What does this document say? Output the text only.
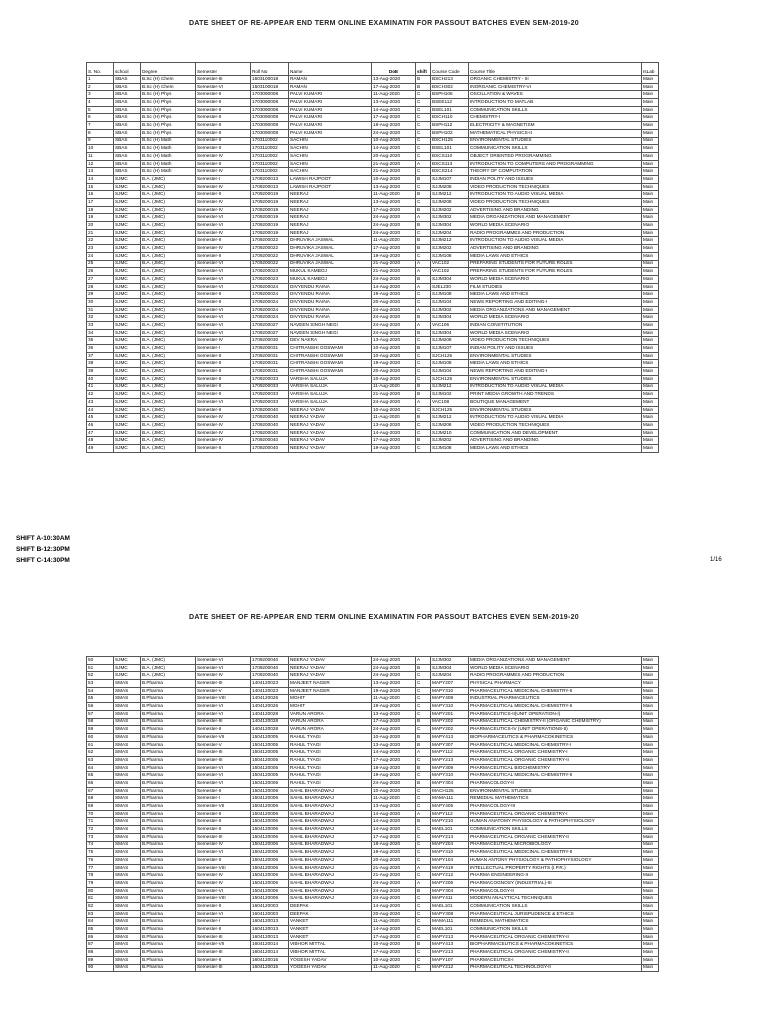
DATE SHEET OF RE-APPEAR END TERM ONLINE EXAMINATIN FOR PASSOUT BATCHES EVEN SEM-2019-20
S. No.	school	Degree	Semester	Roll No	Name	DoE	shift	Course Code	Course Title	IsLab
1	SBAS	B.Sc (H) Chem	Semester-III	1503100018	RAMAN	13-Aug-2020	B	BSCH213	ORGANIC CHEMISTRY - III	Main
2	SBAS	B.Sc (H) Chem	Semester-VI	1503100018	RAMAN	17-Aug-2020	B	BSCH302	INORGANIC CHEMISTRY-VI	Main
3	SBAS	B.Sc (H) Phys	Semester-II	1703090008	PALVI KUMARI	11-Aug-2020	C	BSPH106	OSCILLATION & WAVES	Main
4	SBAS	B.Sc (H) Phys	Semester-II	1703090008	PALVI KUMARI	13-Aug-2020	C	BSEE112	INTRODUCTION TO MATLAB	Main
5	SBAS	B.Sc (H) Phys	Semester-II	1703090008	PALVI KUMARI	14-Aug-2020	C	BSEL101	COMMUNICATION SKILLS	Main
6	SBAS	B.Sc (H) Phys	Semester-II	1703090008	PALVI KUMARI	17-Aug-2020	C	BSCH110	CHEMISTRY-I	Main
7	SBAS	B.Sc (H) Phys	Semester-II	1703090008	PALVI KUMARI	18-Aug-2020	C	BSPH112	ELECTRICITY & MAGNETISM	Main
8	SBAS	B.Sc (H) Phys	Semester-II	1703090008	PALVI KUMARI	24-Aug-2020	C	BSPH102	MATHEMATICAL PHYSICS-II	Main
9	SBAS	B.Sc (H) Math	Semester-II	1703110002	SACHIN	10-Aug-2020	C	BSCH125	ENVIRONMENTAL STUDIES	Main
10	SBAS	B.Sc (H) Math	Semester-II	1703110002	SACHIN	14-Aug-2020	C	BSEL101	COMMUNICATION SKILLS	Main
11	SBAS	B.Sc (H) Math	Semester-IV	1703110002	SACHIN	20-Aug-2020	C	BSCS110	OBJECT ORIENTED PROGRAMMING	Main
12	SBAS	B.Sc (H) Math	Semester-II	1703110002	SACHIN	21-Aug-2020	A	BSCS113	INTRODUCTION TO COMPUTERS AND PROGRAMMING	Main
13	SBAS	B.Sc (H) Math	Semester-IV	1703110002	SACHIN	21-Aug-2020	C	BSCS214	THEORY OF COMPUTATION	Main
14	SJMC	B.A. (JMC)	Semester-I	1709200013	LAWISH RAJPOOT	10-Aug-2020	B	SJJM107	INDIAN POLITY AND ISSUES	Main
15	SJMC	B.A. (JMC)	Semester-IV	1709200013	LAWISH RAJPOOT	13-Aug-2020	C	SJJM208	VIDEO PRODUCTION TECHNIQUES	Main
16	SJMC	B.A. (JMC)	Semester-II	1709200019	NEERAJ	11-Aug-2020	B	SJJM212	INTRODUCTION TO AUDIO VISUAL MEDIA	Main
17	SJMC	B.A. (JMC)	Semester-IV	1709200019	NEERAJ	13-Aug-2020	C	SJJM208	VIDEO PRODUCTION TECHNIQUES	Main
18	SJMC	B.A. (JMC)	Semester-IV	1709200019	NEERAJ	17-Aug-2020	B	SJJM202	ADVERTISING AND BRANDING	Main
19	SJMC	B.A. (JMC)	Semester-VI	1709200019	NEERAJ	24-Aug-2020	A	SJJM302	MEDIA ORGANIZATIONS AND MANAGEMENT	Main
20	SJMC	B.A. (JMC)	Semester-VI	1709200019	NEERAJ	24-Aug-2020	B	SJJM304	WORLD MEDIA SCENARIO	Main
21	SJMC	B.A. (JMC)	Semester-IV	1709200019	NEERAJ	24-Aug-2020	C	SJJM204	RADIO PROGRAMMES AND PRODUCTION	Main
22	SJMC	B.A. (JMC)	Semester-II	1709200022	DHRUVIKA JASWAL	11-Aug-2020	B	SJJM212	INTRODUCTION TO AUDIO VISUAL MEDIA	Main
23	SJMC	B.A. (JMC)	Semester-IV	1709200022	DHRUVIKA JASWAL	17-Aug-2020	B	SJJM202	ADVERTISING AND BRANDING	Main
24	SJMC	B.A. (JMC)	Semester-II	1709200022	DHRUVIKA JASWAL	19-Aug-2020	C	SJJM108	MEDIA LAWS AND ETHICS	Main
25	SJMC	B.A. (JMC)	Semester-VI	1709200022	DHRUVIKA JASWAL	21-Aug-2020	A	VAC102	PREPARING STUDENTS FOR FUTURE ROLES	Main
26	SJMC	B.A. (JMC)	Semester-VI	1709200023	MUKUL KAMBOJ	21-Aug-2020	A	VAC102	PREPARING STUDENTS FOR FUTURE ROLES	Main
27	SJMC	B.A. (JMC)	Semester-VI	1709200023	MUKUL KAMBOJ	24-Aug-2020	B	SJJM304	WORLD MEDIA SCENARIO	Main
28	SJMC	B.A. (JMC)	Semester-VI	1709200024	DIVYENDU RAINA	14-Aug-2020	A	SJEL230	FILM STUDIES	Main
29	SJMC	B.A. (JMC)	Semester-II	1709200024	DIVYENDU RAINA	19-Aug-2020	C	SJJM108	MEDIA LAWS AND ETHICS	Main
30	SJMC	B.A. (JMC)	Semester-II	1709200024	DIVYENDU RAINA	20-Aug-2020	C	SJJM104	NEWS REPORTING AND EDITING-I	Main
31	SJMC	B.A. (JMC)	Semester-VI	1709200024	DIVYENDU RAINA	24-Aug-2020	A	SJJM302	MEDIA ORGANIZATIONS AND MANAGEMENT	Main
32	SJMC	B.A. (JMC)	Semester-VI	1709200024	DIVYENDU RAINA	24-Aug-2020	B	SJJM304	WORLD MEDIA SCENARIO	Main
33	SJMC	B.A. (JMC)	Semester-VI	1709200027	NAVEEN SINGH NEGI	24-Aug-2020	A	VAC106	INDIAN CONSTITUTION	Main
34	SJMC	B.A. (JMC)	Semester-VI	1709200027	NAVEEN SINGH NEGI	24-Aug-2020	B	SJJM304	WORLD MEDIA SCENARIO	Main
35	SJMC	B.A. (JMC)	Semester-IV	1709200030	DEV NAKRA	13-Aug-2020	C	SJJM208	VIDEO PRODUCTION TECHNIQUES	Main
36	SJMC	B.A. (JMC)	Semester-I	1709200031	CHITRANSHI GOSWAMI	10-Aug-2020	B	SJJM107	INDIAN POLITY AND ISSUES	Main
37	SJMC	B.A. (JMC)	Semester-II	1709200031	CHITRANSHI GOSWAMI	10-Aug-2020	C	SJCH125	ENVIRONMENTAL STUDIES	Main
38	SJMC	B.A. (JMC)	Semester-II	1709200031	CHITRANSHI GOSWAMI	19-Aug-2020	C	SJJM108	MEDIA LAWS AND ETHICS	Main
39	SJMC	B.A. (JMC)	Semester-II	1709200031	CHITRANSHI GOSWAMI	20-Aug-2020	C	SJJM104	NEWS REPORTING AND EDITING-I	Main
40	SJMC	B.A. (JMC)	Semester-II	1709200033	VARSHA SALUJA	10-Aug-2020	C	SJCH125	ENVIRONMENTAL STUDIES	Main
41	SJMC	B.A. (JMC)	Semester-II	1709200033	VARSHA SALUJA	11-Aug-2020	B	SJJM212	INTRODUCTION TO AUDIO VISUAL MEDIA	Main
42	SJMC	B.A. (JMC)	Semester-II	1709200033	VARSHA SALUJA	21-Aug-2020	B	SJJM102	PRINT MEDIA GROWTH AND TRENDS	Main
43	SJMC	B.A. (JMC)	Semester-VI	1709200033	VARSHA SALUJA	24-Aug-2020	A	VAC108	BOUTIQUE MANAGEMENT	Main
44	SJMC	B.A. (JMC)	Semester-II	1709200040	NEERAJ YADAV	10-Aug-2020	C	SJCH125	ENVIRONMENTAL STUDIES	Main
45	SJMC	B.A. (JMC)	Semester-IV	1709200040	NEERAJ YADAV	11-Aug-2020	B	SJJM212	INTRODUCTION TO AUDIO VISUAL MEDIA	Main
46	SJMC	B.A. (JMC)	Semester-IV	1709200040	NEERAJ YADAV	13-Aug-2020	C	SJJM208	VIDEO PRODUCTION TECHNIQUES	Main
47	SJMC	B.A. (JMC)	Semester-IV	1709200040	NEERAJ YADAV	14-Aug-2020	C	SJJM210	COMMUNICATION AND DEVELOPMENT	Main
48	SJMC	B.A. (JMC)	Semester-IV	1709200040	NEERAJ YADAV	17-Aug-2020	B	SJJM202	ADVERTISING AND BRANDING	Main
49	SJMC	B.A. (JMC)	Semester-II	1709200040	NEERAJ YADAV	19-Aug-2020	C	SJJM108	MEDIA LAWS AND ETHICS	Main
SHIFT A-10:30AM
SHIFT B-12:30PM
SHIFT C-14:30PM	1/16
DATE SHEET OF RE-APPEAR END TERM ONLINE EXAMINATIN FOR PASSOUT BATCHES EVEN SEM-2019-20
50	SJMC	B.A. (JMC)	Semester-VI	1709200040	NEERAJ YADAV	24-Aug-2020	A	SJJM302	MEDIA ORGANIZATIONS AND MANAGEMENT	Main
51	SJMC	B.A. (JMC)	Semester-VI	1709200040	NEERAJ YADAV	24-Aug-2020	B	SJJM304	WORLD MEDIA SCENARIO	Main
52	SJMC	B.A. (JMC)	Semester-IV	1709200040	NEERAJ YADAV	24-Aug-2020	C	SJJM204	RADIO PROGRAMMES AND PRODUCTION	Main
53	SMAS	B.Pharma	Semester-III	1404120023	MANJEET NAGER	13-Aug-2020	C	MAPY207	PHYSICAL PHARMACY	Main
54	SMAS	B.Pharma	Semester-V	1404120023	MANJEET NAGER	19-Aug-2020	C	MAPY310	PHARMACEUTICAL MEDICINAL CHEMISTRY-II	Main
55	SMAS	B.Pharma	Semester-VIII	1404120026	MOHIT	11-Aug-2020	C	MAPY408	INDUSTRIAL PHARMACEUTICS	Main
56	SMAS	B.Pharma	Semester-VI	1404120026	MOHIT	19-Aug-2020	C	MAPY310	PHARMACEUTICAL MEDICINAL CHEMISTRY-II	Main
57	SMAS	B.Pharma	Semester-VI	1404120028	VARUN ARORA	13-Aug-2020	C	MAPY201	PHARMACEUTICS-II(UNIT OPERATION-I)	Main
58	SMAS	B.Pharma	Semester-III	1404120028	VARUN ARORA	17-Aug-2020	B	MAPY202	PHARMACEUTICAL CHEMISTRY-II (ORGANIC CHEMISTRY)	Main
59	SMAS	B.Pharma	Semester-II	1404120028	VARUN ARORA	24-Aug-2020	C	MAPY202	PHARMACEUTICS-IV (UNIT OPERATIONS-II)	Main
60	SMAS	B.Pharma	Semester-VII	1504120005	RAHUL TYAGI	10-Aug-2020	B	MAPY413	BIOPHARMACEUTICS & PHARMACOKINETICS	Main
61	SMAS	B.Pharma	Semester-V	1504120005	RAHUL TYAGI	13-Aug-2020	B	MAPY307	PHARMACEUTICAL MEDICINAL CHEMISTRY-I	Main
62	SMAS	B.Pharma	Semester-III	1504120005	RAHUL TYAGI	14-Aug-2020	A	MAPY112	PHARMACEUTICAL ORGANIC CHEMISTRY-I	Main
63	SMAS	B.Pharma	Semester-III	1504120005	RAHUL TYAGI	17-Aug-2020	C	MAPY213	PHARMACEUTICAL ORGANIC CHEMISTRY-II	Main
64	SMAS	B.Pharma	Semester-VI	1504120005	RAHUL TYAGI	18-Aug-2020	B	MAPY309	PHARMACEUTICAL BIOCHEMISTRY	Main
65	SMAS	B.Pharma	Semester-VI	1504120005	RAHUL TYAGI	19-Aug-2020	C	MAPY310	PHARMACEUTICAL MEDICINAL CHEMISTRY-II	Main
66	SMAS	B.Pharma	Semester-VI	1504120005	RAHUL TYAGI	24-Aug-2020	B	MAPY304	PHARMACOLOGY-II	Main
67	SMAS	B.Pharma	Semester-II	1504120006	SAHIL BHARADWAJ	10-Aug-2020	C	MACH125	ENVIRONMENTAL STUDIES	Main
68	SMAS	B.Pharma	Semester-I	1504120006	SAHIL BHARADWAJ	11-Aug-2020	C	MAMA111	REMEDIAL MATHEMATICS	Main
69	SMAS	B.Pharma	Semester-VII	1504120006	SAHIL BHARADWAJ	13-Aug-2020	C	MAPY405	PHARMACOLOGY-III	Main
70	SMAS	B.Pharma	Semester-II	1504120006	SAHIL BHARADWAJ	14-Aug-2020	A	MAPY112	PHARMACEUTICAL ORGANIC CHEMISTRY-I	Main
71	SMAS	B.Pharma	Semester-II	1504120006	SAHIL BHARADWAJ	14-Aug-2020	B	MAPY210	HUMAN ANATOMY PHYSIOLOGY & PATHOPHYSIOLOGY	Main
72	SMAS	B.Pharma	Semester-II	1504120006	SAHIL BHARADWAJ	14-Aug-2020	C	MAEL101	COMMUNICATION SKILLS	Main
73	SMAS	B.Pharma	Semester-III	1504120006	SAHIL BHARADWAJ	17-Aug-2020	C	MAPY213	PHARMACEUTICAL ORGANIC CHEMISTRY-II	Main
74	SMAS	B.Pharma	Semester-IV	1504120006	SAHIL BHARADWAJ	18-Aug-2020	C	MAPY204	PHARMACEUTICAL MICROBIOLOGY	Main
75	SMAS	B.Pharma	Semester-VI	1504120006	SAHIL BHARADWAJ	19-Aug-2020	C	MAPY310	PHARMACEUTICAL MEDICINAL CHEMISTRY-II	Main
76	SMAS	B.Pharma	Semester-II	1504120006	SAHIL BHARADWAJ	20-Aug-2020	C	MAPY104	HUMAN ANTONY PHYSIOLOGY & PATHOPHYSIOLOGY	Main
77	SMAS	B.Pharma	Semester-VIII	1504120006	SAHIL BHARADWAJ	21-Aug-2020	A	MAPY419	INTELLECTUAL PROPERTY RIGHTS (I.P.R.)	Main
78	SMAS	B.Pharma	Semester-IV	1504120006	SAHIL BHARADWAJ	21-Aug-2020	C	MAPY212	PHARMA ENGINEERING-II	Main
79	SMAS	B.Pharma	Semester-IV	1504120006	SAHIL BHARADWAJ	24-Aug-2020	A	MAPY206	PHARMACOGNOSY (INDUSTRIAL)-III	Main
80	SMAS	B.Pharma	Semester-VI	1504120006	SAHIL BHARADWAJ	24-Aug-2020	B	MAPY304	PHARMACOLOGY-II	Main
81	SMAS	B.Pharma	Semester-VIII	1504120006	SAHIL BHARADWAJ	24-Aug-2020	C	MAPY411	MODERN ANALYTICAL TECHNIQUES	Main
82	SMAS	B.Pharma	Semester-II	1604120003	DEEPAK	14-Aug-2020	C	MAEL101	COMMUNICATION SKILLS	Main
83	SMAS	B.Pharma	Semester-VI	1604120003	DEEPAK	20-Aug-2020	C	MAPY308	PHARMACEUTICAL JURISPUDENCE & ETHICS	Main
84	SMAS	B.Pharma	Semester-I	1604120013	VANKET	11-Aug-2020	C	MAMA111	REMEDIAL MATHEMATICS	Main
85	SMAS	B.Pharma	Semester-II	1604120013	VANKET	14-Aug-2020	C	MAEL101	COMMUNICATION SKILLS	Main
86	SMAS	B.Pharma	Semester-III	1604120013	VANKET	17-Aug-2020	C	MAPY213	PHARMACEUTICAL ORGANIC CHEMISTRY-II	Main
87	SMAS	B.Pharma	Semester-VII	1604120014	VIBHOR MITTAL	10-Aug-2020	B	MAPY413	BIOPHARMACEUTICS & PHARMACOKINETICS	Main
88	SMAS	B.Pharma	Semester-III	1604120014	VIBHOR MITTAL	17-Aug-2020	C	MAPY213	PHARMACEUTICAL ORGANIC CHEMISTRY-II	Main
89	SMAS	B.Pharma	Semester-II	1604120016	YOGESH YADAV	10-Aug-2020	C	MAPY107	PHARMACEUTICS-I	Main
90	SMAS	B.Pharma	Semester-III	1604120016	YOGESH YADAV	11-Aug-2020	C	MAPY212	PHARMACEUTICAL TECHNOLOGY-II	Main
